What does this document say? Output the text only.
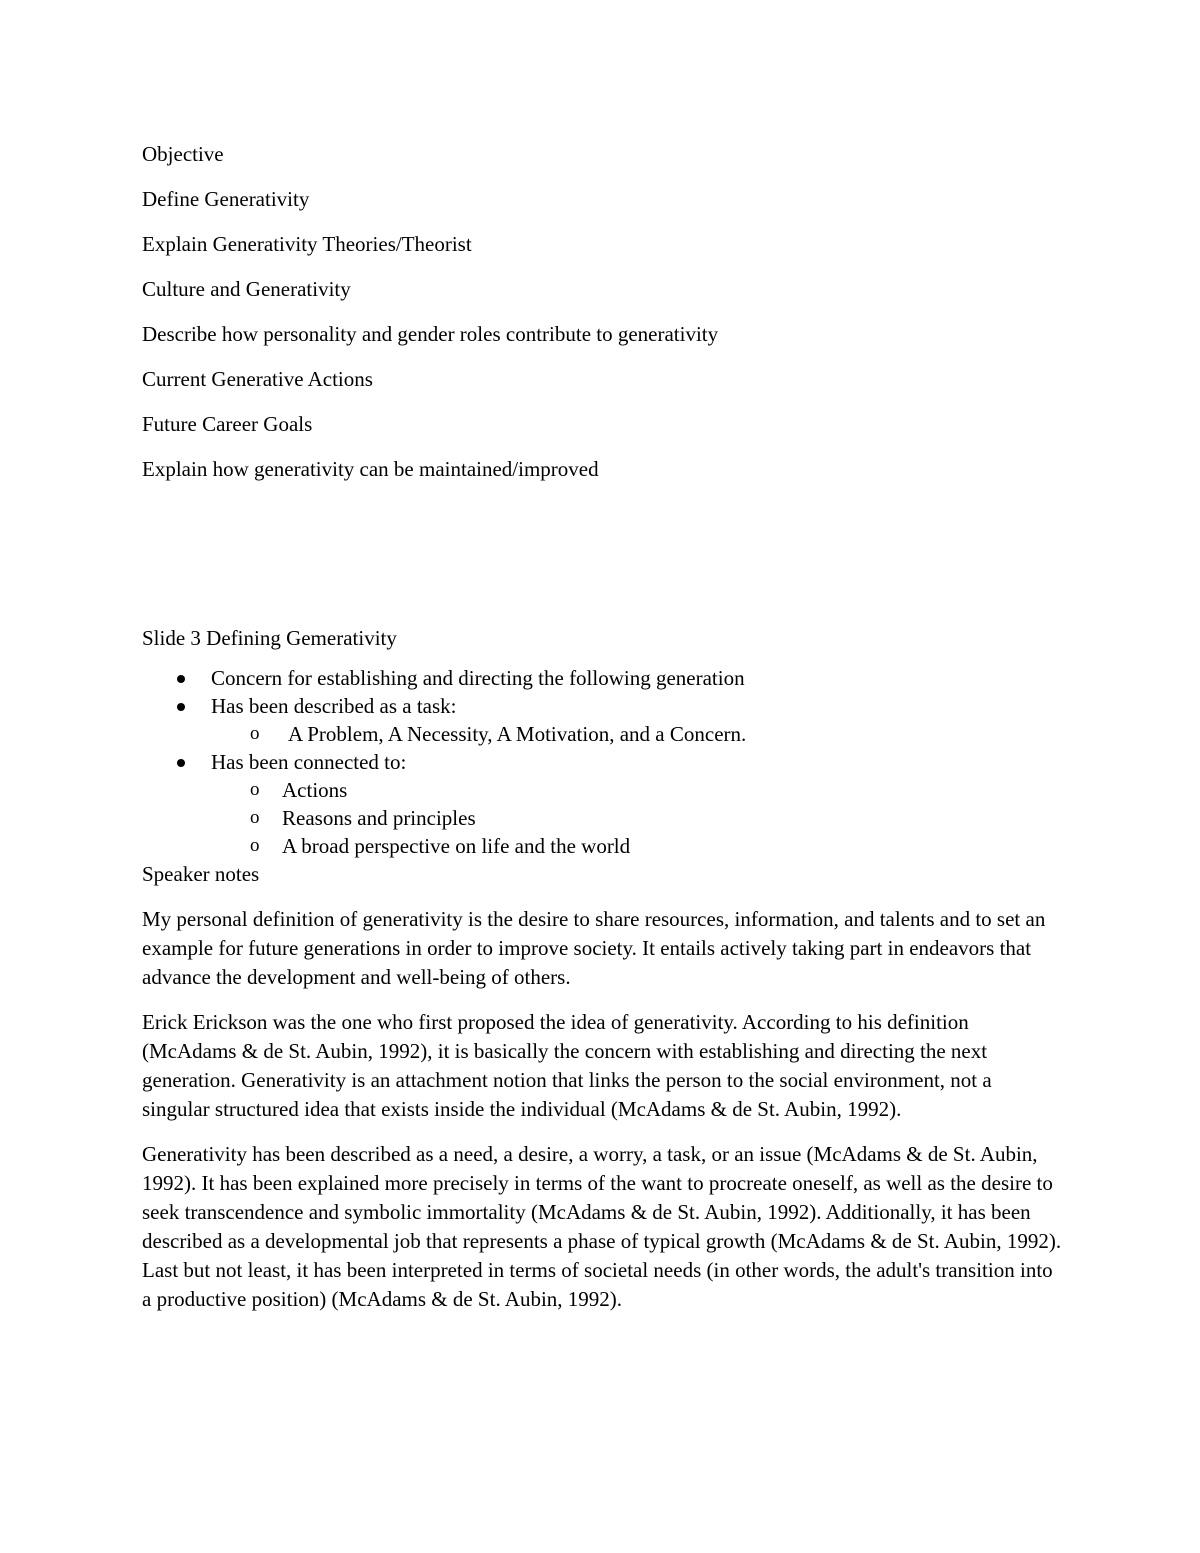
Objective
Define Generativity
Explain Generativity Theories/Theorist
Culture and Generativity
Describe how personality and gender roles contribute to generativity
Current Generative Actions
Future Career Goals
Explain how generativity can be maintained/improved
Slide 3 Defining Gemerativity
Concern for establishing and directing the following generation
Has been described as a task:
o A Problem, A Necessity, A Motivation, and a Concern.
Has been connected to:
o Actions
o Reasons and principles
o A broad perspective on life and the world
Speaker notes

My personal definition of generativity is the desire to share resources, information, and talents and to set an example for future generations in order to improve society. It entails actively taking part in endeavors that advance the development and well-being of others.

Erick Erickson was the one who first proposed the idea of generativity. According to his definition (McAdams & de St. Aubin, 1992), it is basically the concern with establishing and directing the next generation. Generativity is an attachment notion that links the person to the social environment, not a singular structured idea that exists inside the individual (McAdams & de St. Aubin, 1992).

Generativity has been described as a need, a desire, a worry, a task, or an issue (McAdams & de St. Aubin, 1992). It has been explained more precisely in terms of the want to procreate oneself, as well as the desire to seek transcendence and symbolic immortality (McAdams & de St. Aubin, 1992). Additionally, it has been described as a developmental job that represents a phase of typical growth (McAdams & de St. Aubin, 1992). Last but not least, it has been interpreted in terms of societal needs (in other words, the adult's transition into a productive position) (McAdams & de St. Aubin, 1992).
